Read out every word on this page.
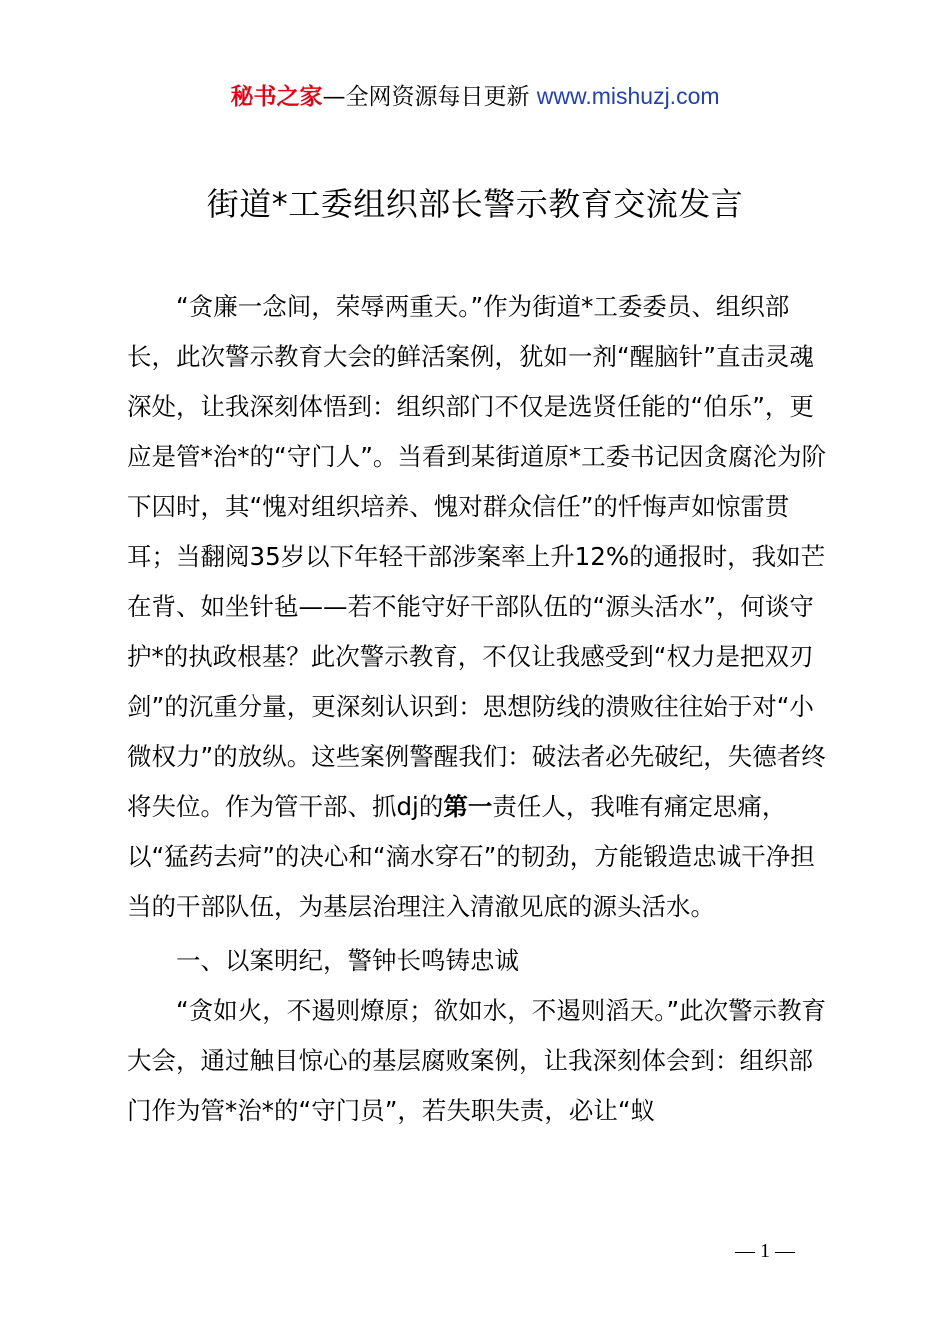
秘书之家—全网资源每日更新 www.mishuzj.com
街道*工委组织部长警示教育交流发言

“贪廉一念间，荣辱两重天。”作为街道*工委委员、组织部长，此次警示教育大会的鲜活案例，犹如一剂“醒脑针”直击灵魂深处，让我深刻体悟到：组织部门不仅是选贤任能的“伯乐”，更应是管*治*的“守门人”。当看到某街道原*工委书记因贪腐沦为阶下囚时，其“愧对组织培养、愧对群众信任”的忏悔声如惊雷贯耳；当翻阅35岁以下年轻干部涉案率上升12%的通报时，我如芒在背、如坐针毡——若不能守好干部队伍的“源头活水”，何谈守护*的执政根基？此次警示教育，不仅让我感受到“权力是把双刃剑”的沉重分量，更深刻认识到：思想防线的溃败往往始于对“小微权力”的放纵。这些案例警醒我们：破法者必先破纪，失德者终将失位。作为管干部、抓dj的第一责任人，我唯有痛定思痛，以“猛药去疴”的决心和“滴水穿石”的韧劲，方能锻造忠诚干净担当的干部队伍，为基层治理注入清澈见底的源头活水。

一、以案明纪，警钟长鸣铸忠诚

“贪如火，不遏则燎原；欲如水，不遏则滔天。”此次警示教育大会，通过触目惊心的基层腐败案例，让我深刻体会到：组织部门作为管*治*的“守门员”，若失职失责，必让“蚁

— 1 —
